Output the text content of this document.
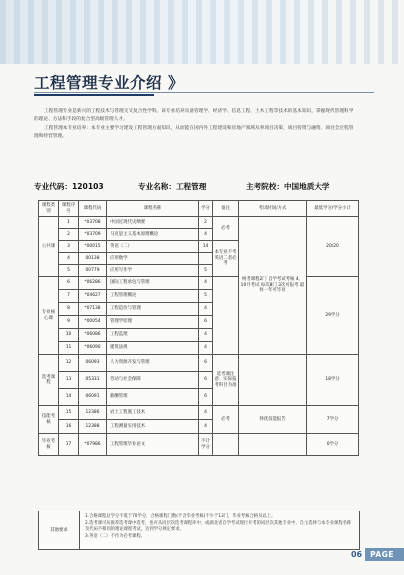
工程管理专业介绍 》

工程管理专业是新兴的工程技术与管理交叉复合性学科。该专业培养具备管理学、经济学、信息工程、土木工程等技术的基本知识，掌握现代管理科学的理论、方法和手段的复合型高级管理人才。

工程管理本专业培养：本专业主要学习建设工程管理方面知识，从而能在国内外工程建设和房地产领域从事项目决策、项目投资与融资、项目全过程管理和经营管理。

专业代码：120103	专业名称：工程管理	主考院校：中国地质大学
课程类别	课程序号	课程代码	课程名称	学分	备注	考试时间/方式	最低学分/学分小计
公共课	1	*03708	中国近现代史纲要	2	必考	统考课程2门 自学考试考核 4、10月考试 每次8门 3次可报考 最快一年可毕业	20/20
	2	*03709	马克思主义基本原理概论	4			
	3	*00015	英语（二）	14	本专业不考英语二者必考		
	4	00138	应用数学				
	5	00779	应用写作学	5			
专业核心课	6	*06286	国际工程承包与管理	4			29学分
	7	*04627	工程管理概论	5			
	8	*07138	工程造价与管理	4			
	9	*00054	管理学原理	6			
	10	*06086	工程监理	4			
	11	*06090	建筑法规	4			
选考课程	12	06093	人力资源开发与管理	6	选考课注意：实际报考科目为准		18学分
	13	05331	劳动与社会保障	6			
	14	06091	薪酬管理	6			
技能考核	15	12386	岩土工程施工技术	4	必考	择优技能报告	7学分
	16	12388	工程测量实用技术	4			
毕业考核	17	*07986	工程管理毕业论文	不计学分			0学分
其他要求

1.合格课程总学分不低于70学分，合格课程门数(不含毕业考核)不少于13门，毕业考核合格及以上。

2.选考课可从推荐选考课中选考，也可从同层次选考课程库中，或湖北省自学考试现行开考的同层次其他专业中，自主选择与本专业课程名称及代码不相同的理论课程考试，达到学分规定要求。

3.英语（二）不作为必考课程。

06	PAGE
